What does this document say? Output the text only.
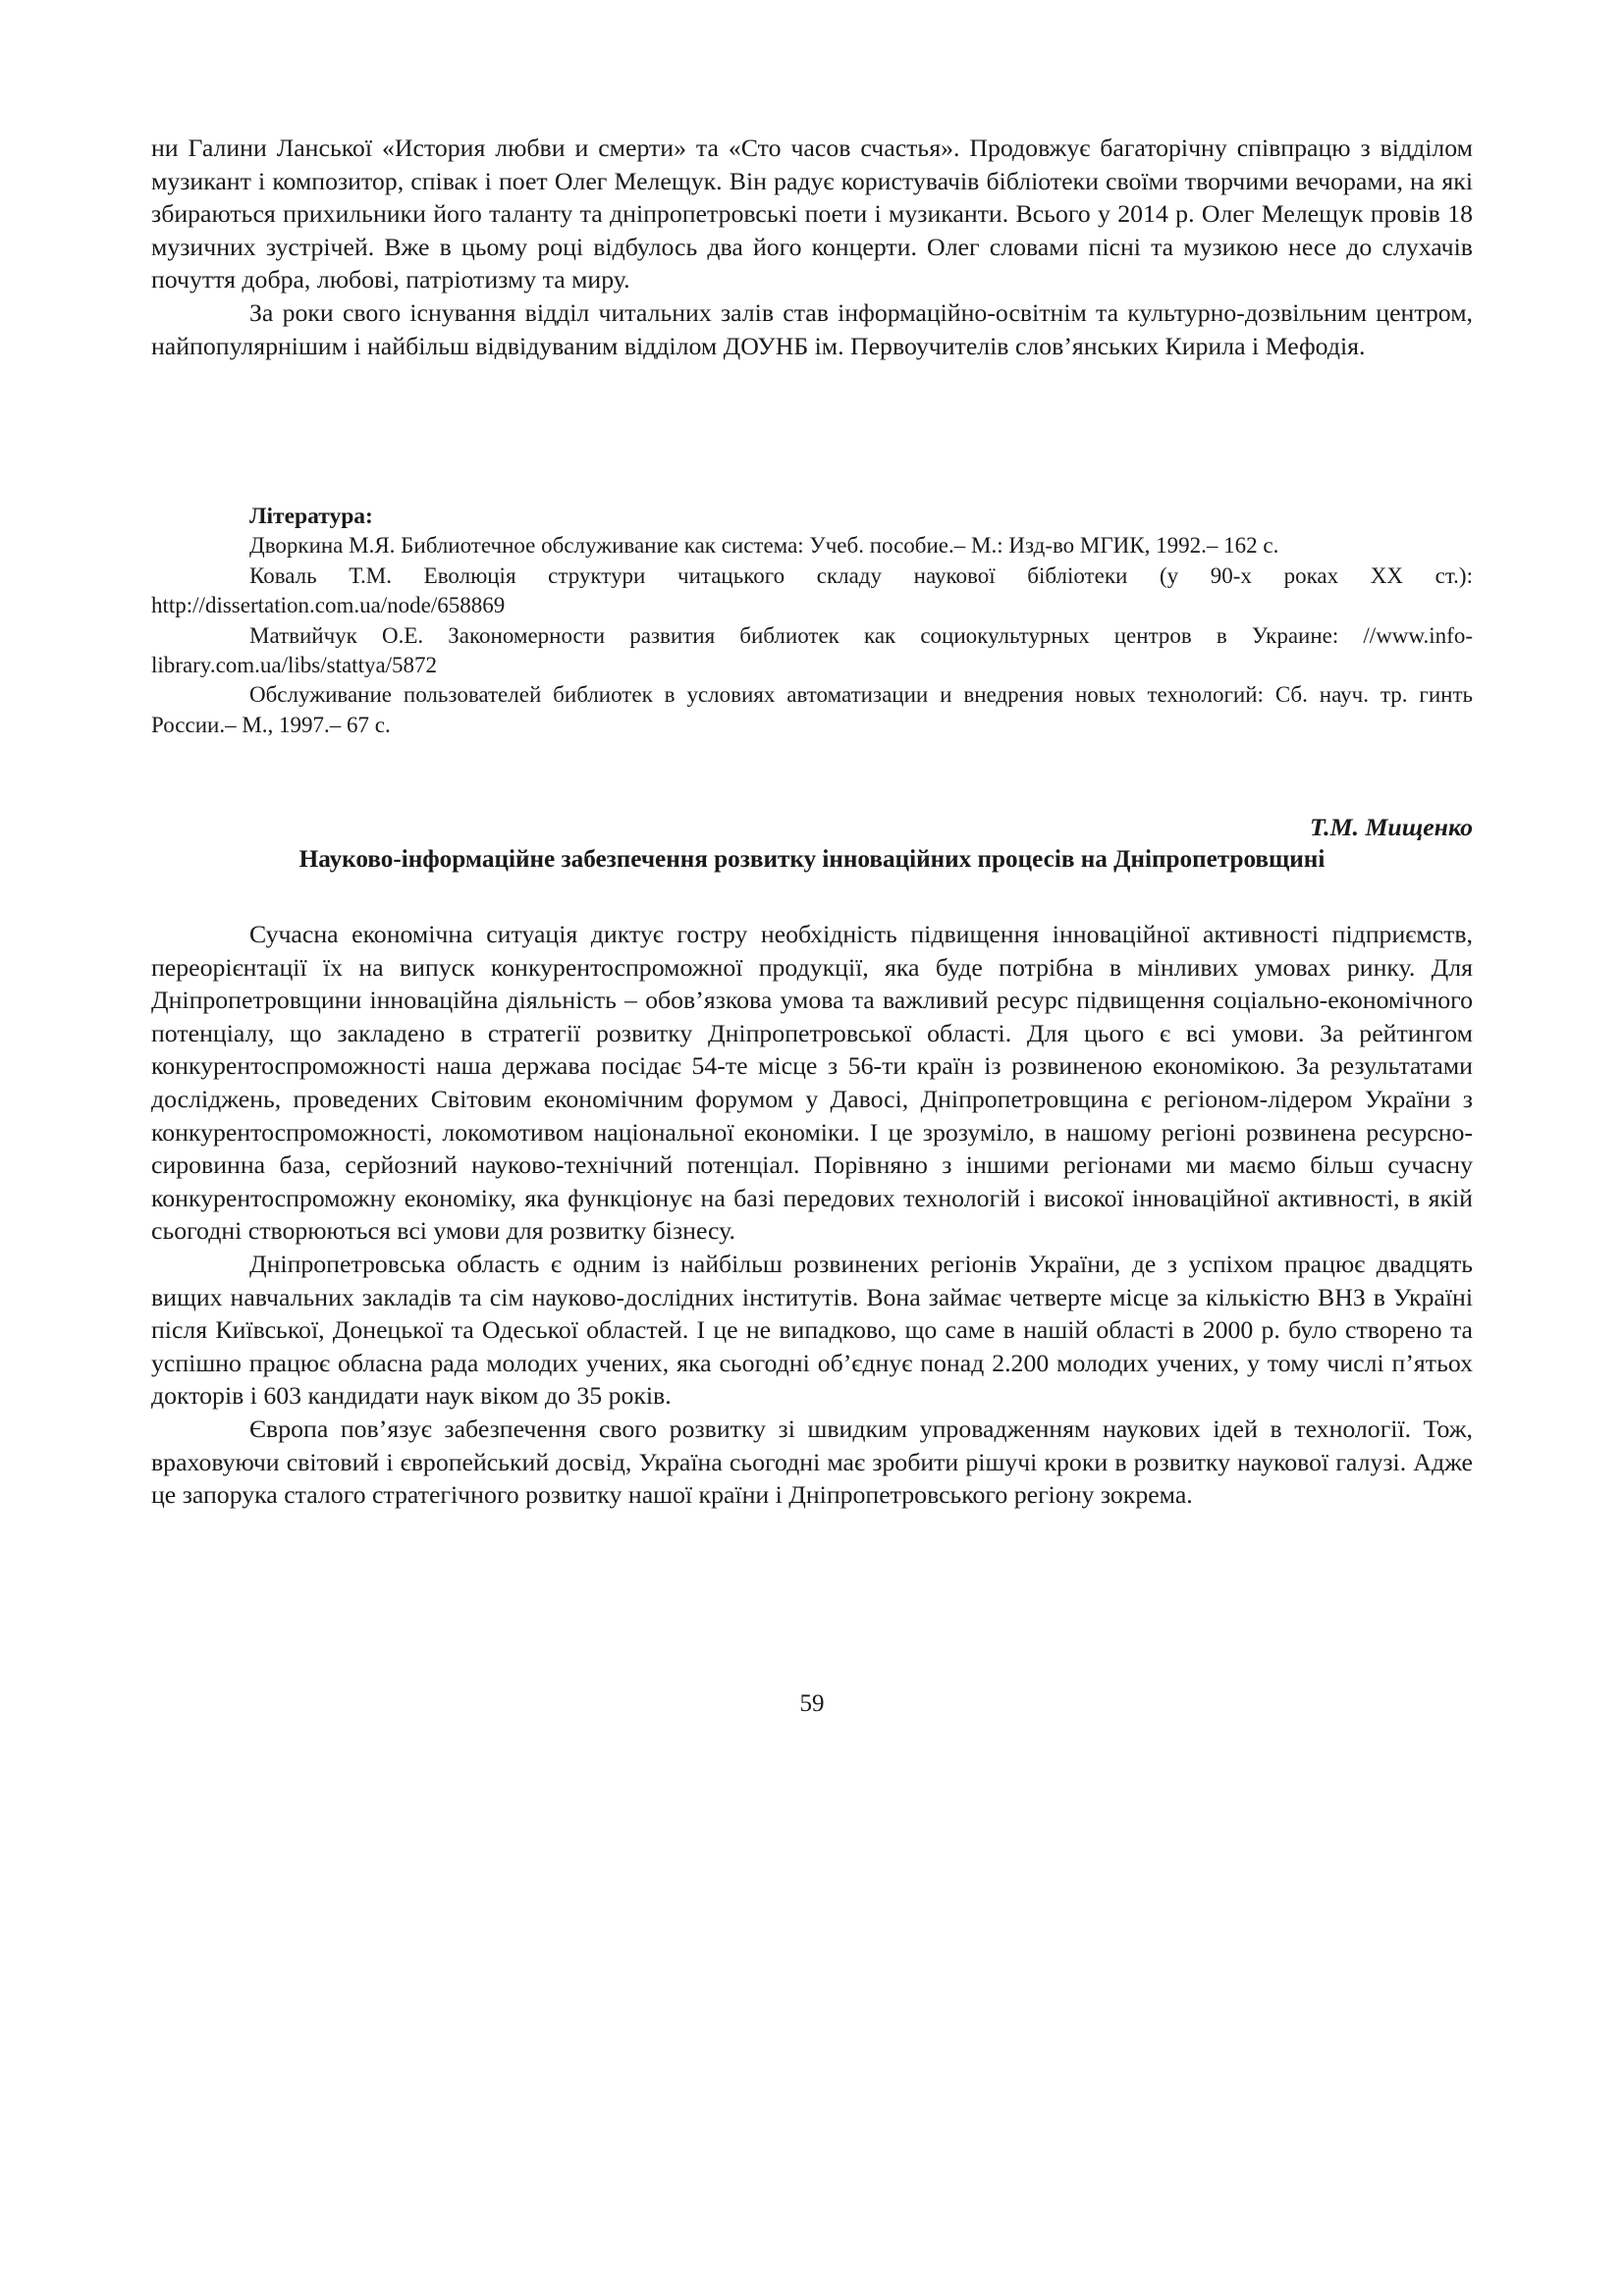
ни Галини Ланської «История любви и смерти» та «Сто часов счастья». Продовжує багаторічну співпрацю з відділом музикант і композитор, співак і поет Олег Мелещук. Він радує користувачів бібліотеки своїми творчими вечорами, на які збираються прихильники його таланту та дніпропетровські поети і музиканти. Всього у 2014 р. Олег Мелещук провів 18 музичних зустрічей. Вже в цьому році відбулось два його концерти. Олег словами пісні та музикою несе до слухачів почуття добра, любові, патріотизму та миру.

За роки свого існування відділ читальних залів став інформаційно-освітнім та культурно-дозвільним центром, найпопулярнішим і найбільш відвідуваним відділом ДОУНБ ім. Первоучителів слов’янських Кирила і Мефодія.

Література:

Дворкина М.Я. Библиотечное обслуживание как система: Учеб. пособие.– М.: Изд-во МГИК, 1992.– 162 с.

Коваль Т.М. Еволюція структури читацького складу наукової бібліотеки (у 90-х роках ХХ ст.): http://dissertation.com.ua/node/658869

Матвийчук О.Е. Закономерности развития библиотек как социокультурных центров в Украине: //www.info-library.com.ua/libs/stattya/5872

Обслуживание пользователей библиотек в условиях автоматизации и внедрения новых технологий: Сб. науч. тр. гинть России.– М., 1997.– 67 с.

Т.М. Мищенко
Науково-інформаційне забезпечення розвитку інноваційних процесів на Дніпропетровщині

Сучасна економічна ситуація диктує гостру необхідність підвищення інноваційної активності підприємств, переорієнтації їх на випуск конкурентоспроможної продукції, яка буде потрібна в мінливих умовах ринку. Для Дніпропетровщини інноваційна діяльність – обов’язкова умова та важливий ресурс підвищення соціально-економічного потенціалу, що закладено в стратегії розвитку Дніпропетровської області. Для цього є всі умови. За рейтингом конкурентоспроможності наша держава посідає 54-те місце з 56-ти країн із розвиненою економікою. За результатами досліджень, проведених Світовим економічним форумом у Давосі, Дніпропетровщина є регіоном-лідером України з конкурентоспроможності, локомотивом національної економіки. І це зрозуміло, в нашому регіоні розвинена ресурсно-сировинна база, серйозний науково-технічний потенціал. Порівняно з іншими регіонами ми маємо більш сучасну конкурентоспроможну економіку, яка функціонує на базі передових технологій і високої інноваційної активності, в якій сьогодні створюються всі умови для розвитку бізнесу.

Дніпропетровська область є одним із найбільш розвинених регіонів України, де з успіхом працює двадцять вищих навчальних закладів та сім науково-дослідних інститутів. Вона займає четверте місце за кількістю ВНЗ в Україні після Київської, Донецької та Одеської областей. І це не випадково, що саме в нашій області в 2000 р. було створено та успішно працює обласна рада молодих учених, яка сьогодні об’єднує понад 2.200 молодих учених, у тому числі п’ятьох докторів і 603 кандидати наук віком до 35 років.

Європа пов’язує забезпечення свого розвитку зі швидким упровадженням наукових ідей в технології. Тож, враховуючи світовий і європейський досвід, Україна сьогодні має зробити рішучі кроки в розвитку наукової галузі. Адже це запорука сталого стратегічного розвитку нашої країни і Дніпропетровського регіону зокрема.

59
